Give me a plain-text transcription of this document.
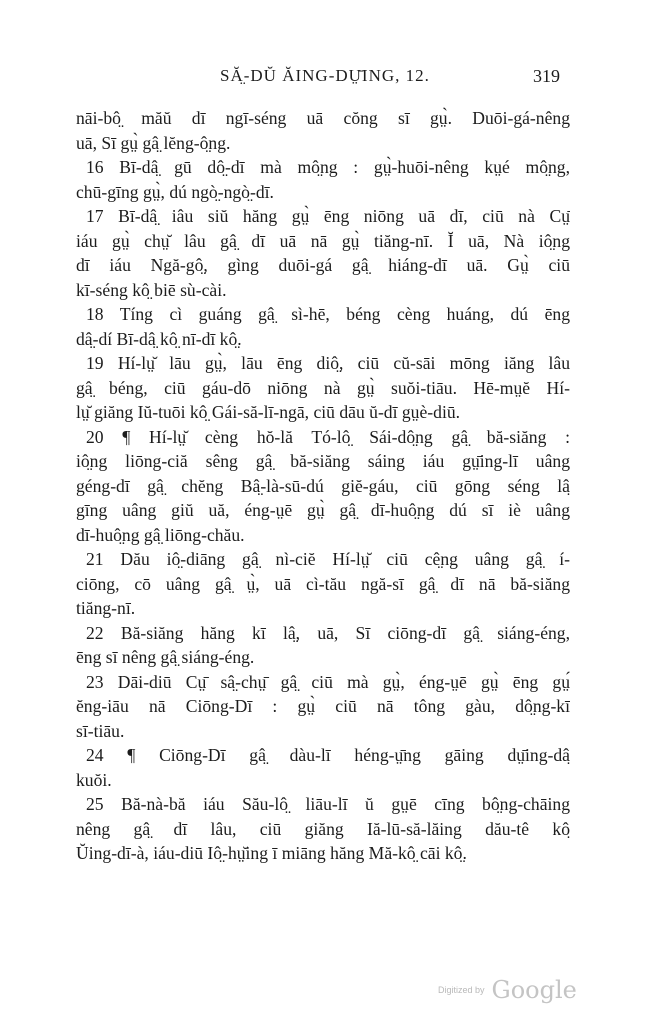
SĂ̤-DŬ ĂING-DṲ̄ING, 12.	319
nāi-bô̤ măŭ dī ngī-séng uā cŏng sī gṳ̀. Duōi-gá-nêng
uā, Sī gṳ̀ gâ̤ lĕng-ô̤ng.
16 Bī-dâ̤ gū dô̤-dī mà mô̤ng : gṳ̀-huōi-nêng kṳé mô̤ng,
chū-gīng gṳ̀, dú ngò̤-ngò̤-dī.
17 Bī-dâ̤ iâu siŭ hăng gṳ̀ ēng niōng uā dī, ciū nà Cṳ̄
iáu gṳ̀ chṳ̆ lâu gâ̤ dī uā nā gṳ̀ tiăng-nī. Ĭ uā, Nà iô̤ng
dī iáu Ngă-gô̤, gìng duōi-gá gâ̤ hiáng-dī uā. Gṳ̀ ciū
kī-séng kô̤ biē sù-cài.
18 Tíng cì guáng gâ̤ sì-hē, béng cèng huáng, dú ēng
dâ̤-dí Bī-dâ̤ kô̤ nī-dī kô̤.
19 Hí-lṳ̆ lāu gṳ̀, lāu ēng diô̤, ciū cŭ-sāi mōng iăng lâu
gâ̤ béng, ciū gáu-dō niōng nà gṳ̀ suŏi-tiāu. Hē-mṳĕ Hí-
lṳ̆ giăng Iŭ-tuōi kô̤ Gái-să-lī-ngā, ciū dāu ŭ-dī gṳè-diū.
20 ¶ Hí-lṳ̆ cèng hŏ-lă Tó-lô̤ Sái-dô̤ng gâ̤ bă-siăng :
iô̤ng liōng-ciă sêng gâ̤ bă-siăng sáing iáu gṳ̄ing-lī uâng
géng-dī gâ̤ chĕng Bâ̤-là-sū-dú giĕ-gáu, ciū gōng séng lâ̤
gīng uâng giŭ uă, éng-ṳē gṳ̀ gâ̤ dī-huô̤ng dú sī iè uâng
dī-huô̤ng gâ̤ liōng-chău.
21 Dău iô̤-diāng gâ̤ nì-ciĕ Hí-lṳ̆ ciū cê̤ng uâng gâ̤ í-
ciōng, cō uâng gâ̤ ṳ̀, uā cì-tău ngă-sī gâ̤ dī nā bă-siăng
tiăng-nī.
22 Bă-siăng hăng kī lâ̤, uā, Sī ciōng-dī gâ̤ siáng-éng,
ēng sī nêng gâ̤ siáng-éng.
23 Dāi-diū Cṳ̄ sâ̤-chṳ̄ gâ̤ ciū mà gṳ̀, éng-ṳē gṳ̀ ēng gṳ́
ĕng-iāu nā Ciōng-Dī : gṳ̀ ciū nā tông gàu, dô̤ng-kī
sī-tiāu.
24 ¶ Ciōng-Dī gâ̤ dàu-lī héng-ṳ̄ng gāing dṳ̄ing-dâ̤
kuŏi.
25 Bă-nà-bă iáu Său-lô̤ liāu-lī ŭ gṳē cīng bô̤ng-chāing
nêng gâ̤ dī lâu, ciū giăng Iă-lū-să-lăing dău-tê kô̤
Ŭing-dī-à, iáu-diū Iô̤-hṳ̆ing ī miāng hăng Mă-kô̤ cāi kô̤.
Digitized by Google
